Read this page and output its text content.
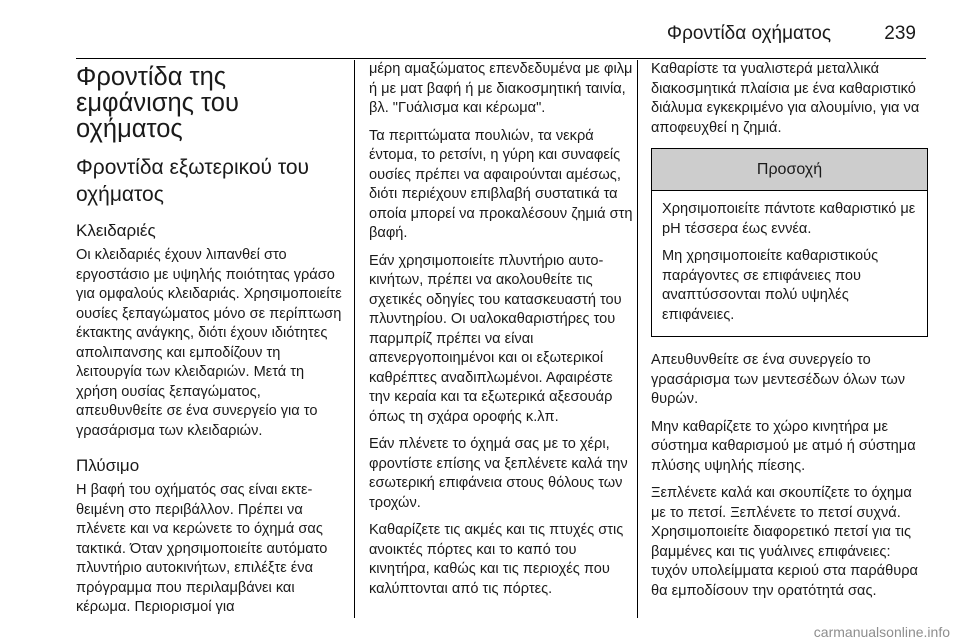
Φροντίδα οχήματος	239
Φροντίδα της εμφάνισης του οχήματος
Φροντίδα εξωτερικού του οχήματος
Κλειδαριές

Οι κλειδαριές έχουν λιπανθεί στο εργοστάσιο με υψηλής ποιότητας γράσο για ομφαλούς κλειδαριάς. Χρησιμοποιείτε ουσίες ξεπαγώματος μόνο σε περίπτωση έκτακτης ανάγκης, διότι έχουν ιδιότητες απολιπανσης και εμποδίζουν τη λειτουργία των κλειδαριών. Μετά τη χρήση ουσίας ξεπαγώματος, απευθυνθείτε σε ένα συνεργείο για το γρασάρισμα των κλειδαριών.

Πλύσιμο

Η βαφή του οχήματός σας είναι εκτεθειμένη στο περιβάλλον. Πρέπει να πλένετε και να κερώνετε το όχημά σας τακτικά. Όταν χρησιμοποιείτε αυτόματο πλυντήριο αυτοκινήτων, επιλέξτε ένα πρόγραμμα που περιλαμβάνει και κέρωμα. Περιορισμοί για

μέρη αμαξώματος επενδεδυμένα με φιλμ ή με ματ βαφή ή με διακοσμητική ταινία, βλ. "Γυάλισμα και κέρωμα".

Τα περιττώματα πουλιών, τα νεκρά έντομα, το ρετσίνι, η γύρη και συναφείς ουσίες πρέπει να αφαιρούνται αμέσως, διότι περιέχουν επιβλαβή συστατικά τα οποία μπορεί να προκαλέσουν ζημιά στη βαφή.

Εάν χρησιμοποιείτε πλυντήριο αυτοκινήτων, πρέπει να ακολουθείτε τις σχετικές οδηγίες του κατασκευαστή του πλυντηρίου. Οι υαλοκαθαριστήρες του παρμπρίζ πρέπει να είναι απενεργοποιημένοι και οι εξωτερικοί καθρέπτες αναδιπλωμένοι. Αφαιρέστε την κεραία και τα εξωτερικά αξεσουάρ όπως τη σχάρα οροφής κ.λπ.

Εάν πλένετε το όχημά σας με το χέρι, φροντίστε επίσης να ξεπλένετε καλά την εσωτερική επιφάνεια στους θόλους των τροχών.

Καθαρίζετε τις ακμές και τις πτυχές στις ανοικτές πόρτες και το καπό του κινητήρα, καθώς και τις περιοχές που καλύπτονται από τις πόρτες.

Καθαρίστε τα γυαλιστερά μεταλλικά διακοσμητικά πλαίσια με ένα καθαριστικό διάλυμα εγκεκριμένο για αλουμίνιο, για να αποφευχθεί η ζημιά.

Προσοχή

Χρησιμοποιείτε πάντοτε καθαριστικό με pH τέσσερα έως εννέα.

Μη χρησιμοποιείτε καθαριστικούς παράγοντες σε επιφάνειες που αναπτύσσονται πολύ υψηλές επιφάνειες.

Απευθυνθείτε σε ένα συνεργείο το γρασάρισμα των μεντεσέδων όλων των θυρών.

Μην καθαρίζετε το χώρο κινητήρα με σύστημα καθαρισμού με ατμό ή σύστημα πλύσης υψηλής πίεσης.

Ξεπλένετε καλά και σκουπίζετε το όχημα με το πετσί. Ξεπλένετε το πετσί συχνά. Χρησιμοποιείτε διαφορετικό πετσί για τις βαμμένες και τις γυάλινες επιφάνειες: τυχόν υπολείμματα κεριού στα παράθυρα θα εμποδίσουν την ορατότητά σας.

carmanualsonline.info
